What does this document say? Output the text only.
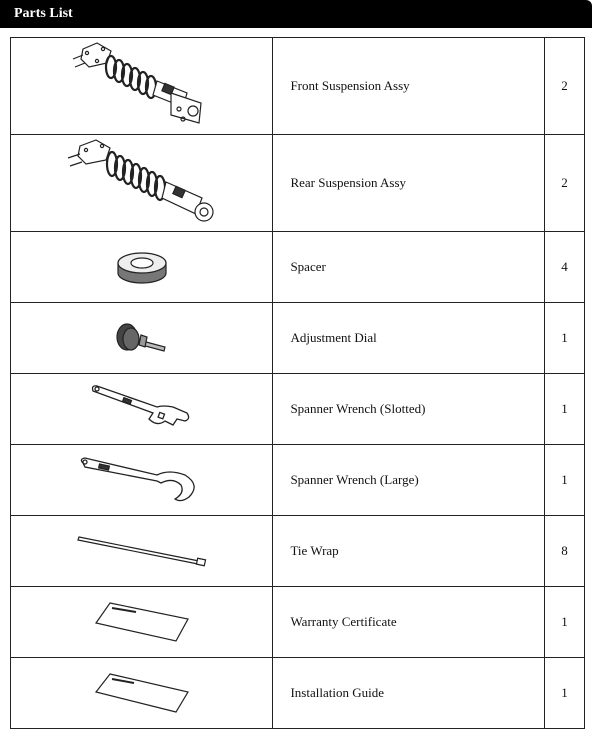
Parts List
	Front Suspension Assy	2

	Rear Suspension Assy	2

	Spacer	4

	Adjustment Dial	1

	Spanner Wrench (Slotted)	1

	Spanner Wrench (Large)	1

	Tie Wrap	8

	Warranty Certificate	1

	Installation Guide	1
